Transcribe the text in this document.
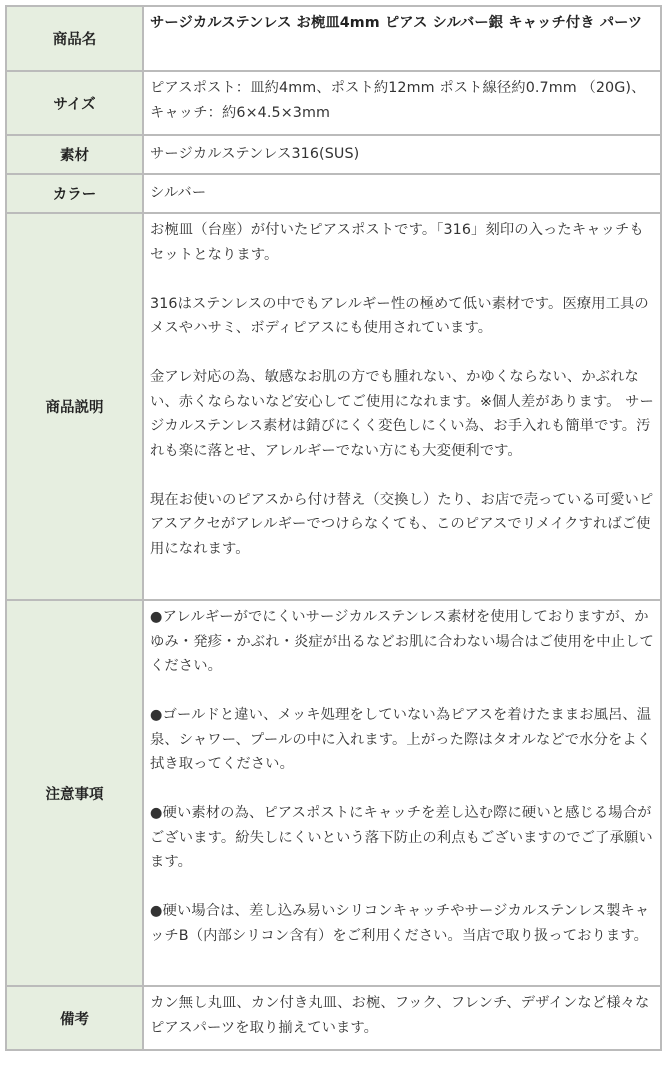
商品名	サージカルステンレス お椀皿4mm ピアス シルバー銀 キャッチ付き パーツ
サイズ	ピアスポスト：皿約4mm、ポスト約12mm ポスト線径約0.7mm （20G)、キャッチ：約6×4.5×3mm
素材	サージカルステンレス316(SUS)
カラー	シルバー
商品説明	お椀皿（台座）が付いたピアスポストです。「316」刻印の入ったキャッチもセットとなります。

316はステンレスの中でもアレルギー性の極めて低い素材です。医療用工具のメスやハサミ、ボディピアスにも使用されています。

金アレ対応の為、敏感なお肌の方でも腫れない、かゆくならない、かぶれない、赤くならないなど安心してご使用になれます。※個人差があります。 サージカルステンレス素材は錆びにくく変色しにくい為、お手入れも簡単です。汚れも楽に落とせ、アレルギーでない方にも大変便利です。

現在お使いのピアスから付け替え（交換し）たり、お店で売っている可愛いピアスアクセがアレルギーでつけらなくても、このピアスでリメイクすればご使用になれます。

注意事項	●アレルギーがでにくいサージカルステンレス素材を使用しておりますが、かゆみ・発疹・かぶれ・炎症が出るなどお肌に合わない場合はご使用を中止してください。

●ゴールドと違い、メッキ処理をしていない為ピアスを着けたままお風呂、温泉、シャワー、プールの中に入れます。上がった際はタオルなどで水分をよく拭き取ってください。

●硬い素材の為、ピアスポストにキャッチを差し込む際に硬いと感じる場合がございます。紛失しにくいという落下防止の利点もございますのでご了承願います。

●硬い場合は、差し込み易いシリコンキャッチやサージカルステンレス製キャッチB（内部シリコン含有）をご利用ください。当店で取り扱っております。

備考	カン無し丸皿、カン付き丸皿、お椀、フック、フレンチ、デザインなど様々なピアスパーツを取り揃えています。
